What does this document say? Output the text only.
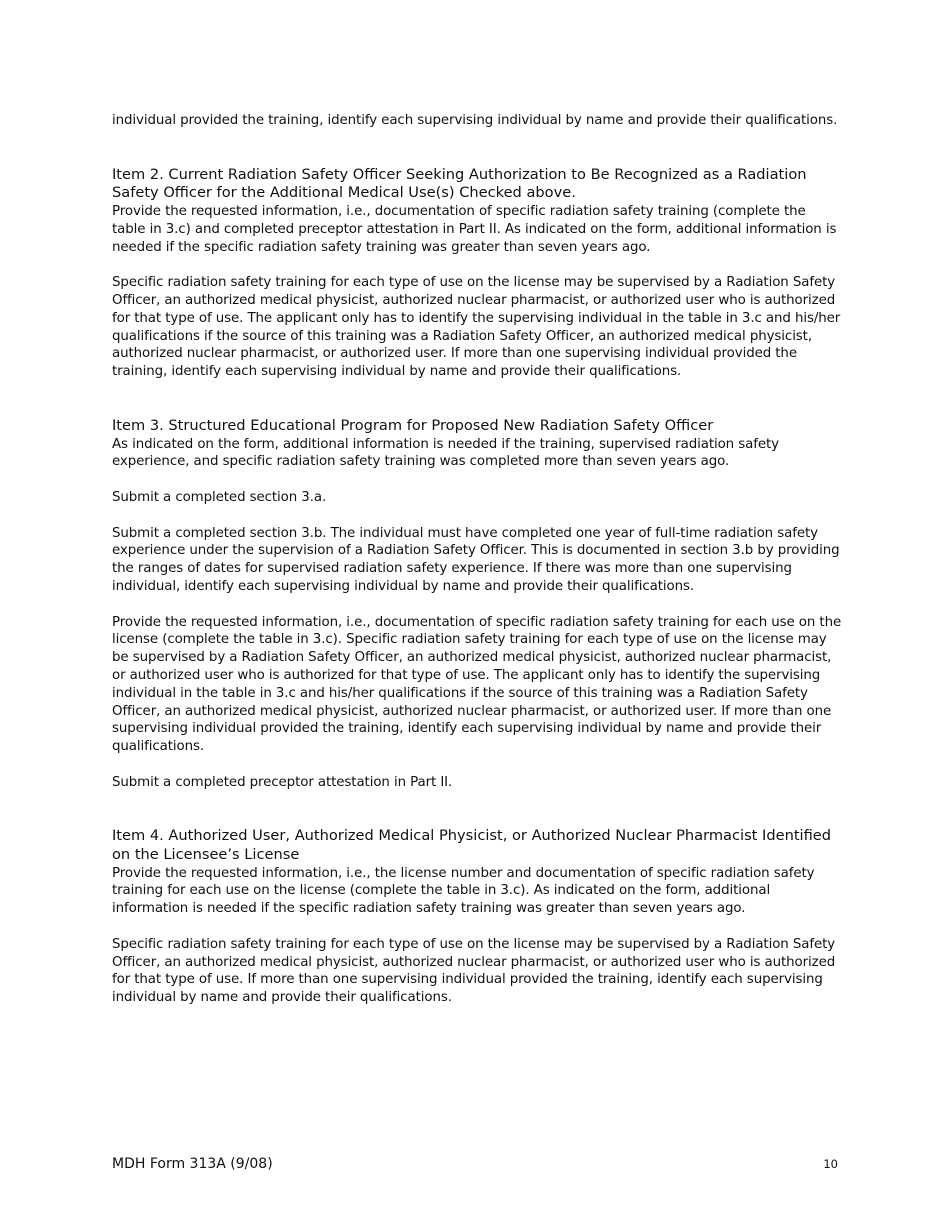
individual provided the training, identify each supervising individual by name and provide their qualifications.

Item 2. Current Radiation Safety Officer Seeking Authorization to Be Recognized as a Radiation Safety Officer for the Additional Medical Use(s) Checked above.

Provide the requested information, i.e., documentation of specific radiation safety training (complete the table in 3.c) and completed preceptor attestation in Part II. As indicated on the form, additional information is needed if the specific radiation safety training was greater than seven years ago.

Specific radiation safety training for each type of use on the license may be supervised by a Radiation Safety Officer, an authorized medical physicist, authorized nuclear pharmacist, or authorized user who is authorized for that type of use. The applicant only has to identify the supervising individual in the table in 3.c and his/her qualifications if the source of this training was a Radiation Safety Officer, an authorized medical physicist, authorized nuclear pharmacist, or authorized user. If more than one supervising individual provided the training, identify each supervising individual by name and provide their qualifications.

Item 3. Structured Educational Program for Proposed New Radiation Safety Officer

As indicated on the form, additional information is needed if the training, supervised radiation safety experience, and specific radiation safety training was completed more than seven years ago.

Submit a completed section 3.a.

Submit a completed section 3.b. The individual must have completed one year of full-time radiation safety experience under the supervision of a Radiation Safety Officer. This is documented in section 3.b by providing the ranges of dates for supervised radiation safety experience. If there was more than one supervising individual, identify each supervising individual by name and provide their qualifications.

Provide the requested information, i.e., documentation of specific radiation safety training for each use on the license (complete the table in 3.c). Specific radiation safety training for each type of use on the license may be supervised by a Radiation Safety Officer, an authorized medical physicist, authorized nuclear pharmacist, or authorized user who is authorized for that type of use. The applicant only has to identify the supervising individual in the table in 3.c and his/her qualifications if the source of this training was a Radiation Safety Officer, an authorized medical physicist, authorized nuclear pharmacist, or authorized user. If more than one supervising individual provided the training, identify each supervising individual by name and provide their qualifications.

Submit a completed preceptor attestation in Part II.

Item 4. Authorized User, Authorized Medical Physicist, or Authorized Nuclear Pharmacist Identified on the Licensee’s License

Provide the requested information, i.e., the license number and documentation of specific radiation safety training for each use on the license (complete the table in 3.c). As indicated on the form, additional information is needed if the specific radiation safety training was greater than seven years ago.

Specific radiation safety training for each type of use on the license may be supervised by a Radiation Safety Officer, an authorized medical physicist, authorized nuclear pharmacist, or authorized user who is authorized for that type of use. If more than one supervising individual provided the training, identify each supervising individual by name and provide their qualifications.

MDH Form 313A (9/08)	10
